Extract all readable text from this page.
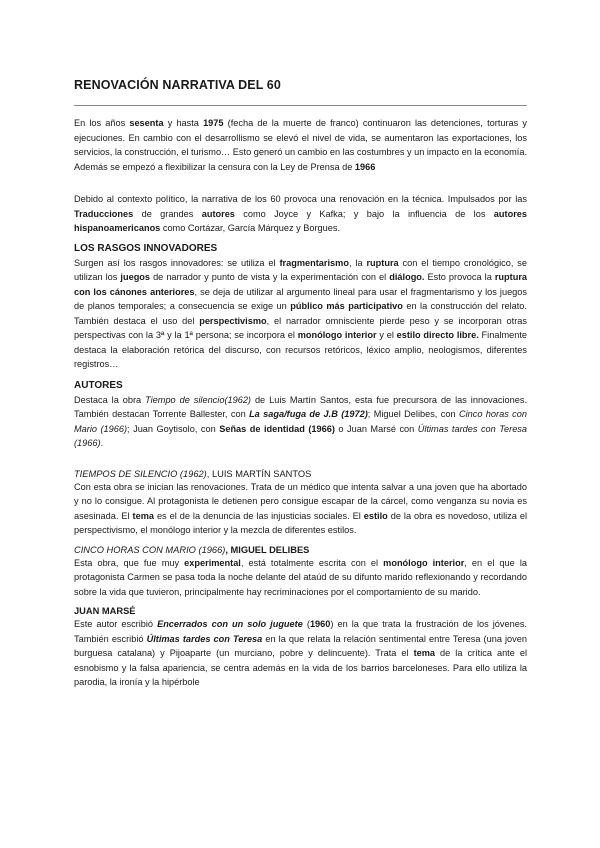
RENOVACIÓN NARRATIVA DEL 60

En los años sesenta y hasta 1975 (fecha de la muerte de franco) continuaron las detenciones, torturas y ejecuciones. En cambio con el desarrollismo se elevó el nivel de vida, se aumentaron las exportaciones, los servicios, la construcción, el turismo… Esto generó un cambio en las costumbres y un impacto en la economía. Además se empezó a flexibilizar la censura con la Ley de Prensa de 1966

Debido al contexto político, la narrativa de los 60 provoca una renovación en la técnica. Impulsados por las Traducciones de grandes autores como Joyce y Kafka; y bajo la influencia de los autores hispanoamericanos como Cortázar, García Márquez y Borgues.

LOS RASGOS INNOVADORES

Surgen así los rasgos innovadores: se utiliza el fragmentarismo, la ruptura con el tiempo cronológico, se utilizan los juegos de narrador y punto de vista y la experimentación con el diálogo. Esto provoca la ruptura con los cánones anteriores, se deja de utilizar al argumento lineal para usar el fragmentarismo y los juegos de planos temporales; a consecuencia se exige un público más participativo en la construcción del relato. También destaca el uso del perspectivismo, el narrador omnisciente pierde peso y se incorporan otras perspectivas con la 3ª y la 1ª persona; se incorpora el monólogo interior y el estilo directo libre. Finalmente destaca la elaboración retórica del discurso, con recursos retóricos, léxico amplio, neologismos, diferentes registros…

AUTORES

Destaca la obra Tiempo de silencio(1962) de Luis Martín Santos, esta fue precursora de las innovaciones. También destacan Torrente Ballester, con La saga/fuga de J.B (1972); Miguel Delibes, con Cinco horas con Mario (1966); Juan Goytisolo, con Señas de identidad (1966) o Juan Marsé con Últimas tardes con Teresa (1966).

TIEMPOS DE SILENCIO (1962), LUIS MARTÍN SANTOS

Con esta obra se inician las renovaciones. Trata de un médico que intenta salvar a una joven que ha abortado y no lo consigue. Al protagonista le detienen pero consigue escapar de la cárcel, como venganza su novia es asesinada. El tema es el de la denuncia de las injusticias sociales. El estilo de la obra es novedoso, utiliza el perspectivismo, el monólogo interior y la mezcla de diferentes estilos.

CINCO HORAS CON MARIO (1966), MIGUEL DELIBES

Esta obra, que fue muy experimental, está totalmente escrita con el monólogo interior, en el que la protagonista Carmen se pasa toda la noche delante del ataúd de su difunto marido reflexionando y recordando sobre la vida que tuvieron, principalmente hay recriminaciones por el comportamiento de su marido.

JUAN MARSÉ

Este autor escribió Encerrados con un solo juguete (1960) en la que trata la frustración de los jóvenes. También escribió Últimas tardes con Teresa en la que relata la relación sentimental entre Teresa (una joven burguesa catalana) y Pijoaparte (un murciano, pobre y delincuente). Trata el tema de la crítica ante el esnobismo y la falsa apariencia, se centra además en la vida de los barrios barceloneses. Para ello utiliza la parodia, la ironía y la hipérbole
